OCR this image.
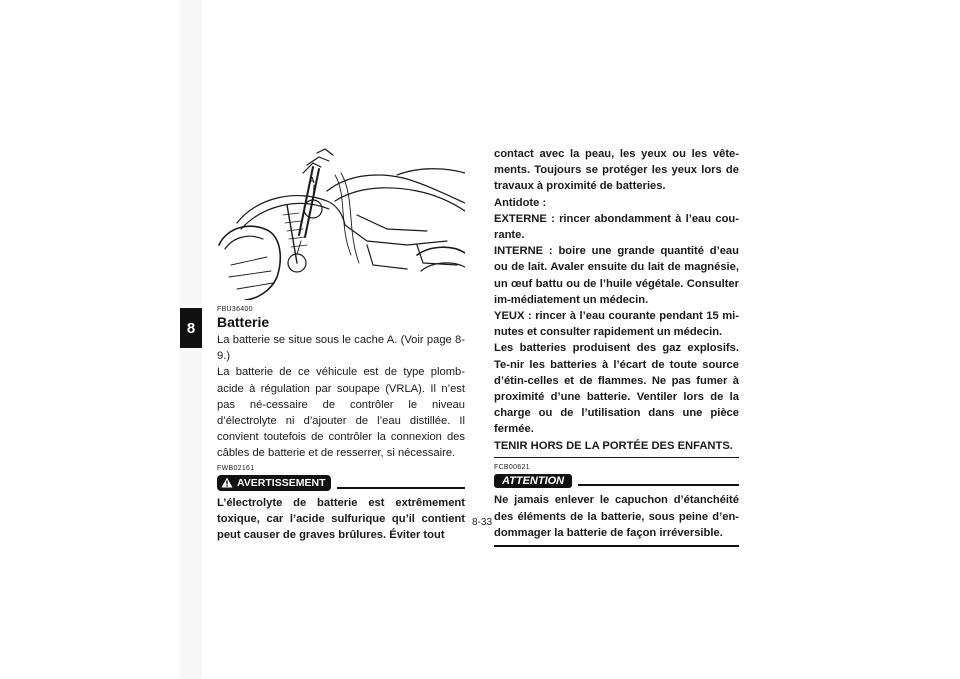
8
A
FBU36400
Batterie

La batterie se situe sous le cache A. (Voir page 8-9.)

La batterie de ce véhicule est de type plomb-acide à régulation par soupape (VRLA). Il n’est pas né-cessaire de contrôler le niveau d’électrolyte ni d’ajouter de l’eau distillée. Il convient toutefois de contrôler la connexion des câbles de batterie et de resserrer, si nécessaire.

FWB02161
AVERTISSEMENT

L’électrolyte de batterie est extrêmement toxique, car l’acide sulfurique qu’il contient peut causer de graves brûlures. Éviter tout

contact avec la peau, les yeux ou les vête-ments. Toujours se protéger les yeux lors de travaux à proximité de batteries.

Antidote :

EXTERNE : rincer abondamment à l’eau cou-rante.

INTERNE : boire une grande quantité d’eau ou de lait. Avaler ensuite du lait de magnésie, un œuf battu ou de l’huile végétale. Consulter im-médiatement un médecin.

YEUX : rincer à l’eau courante pendant 15 mi-nutes et consulter rapidement un médecin.

Les batteries produisent des gaz explosifs. Te-nir les batteries à l’écart de toute source d’étin-celles et de flammes. Ne pas fumer à proximité d’une batterie. Ventiler lors de la charge ou de l’utilisation dans une pièce fermée.

TENIR HORS DE LA PORTÉE DES ENFANTS.

FCB00621
ATTENTION

Ne jamais enlever le capuchon d’étanchéité des éléments de la batterie, sous peine d’en-dommager la batterie de façon irréversible.

8-33
